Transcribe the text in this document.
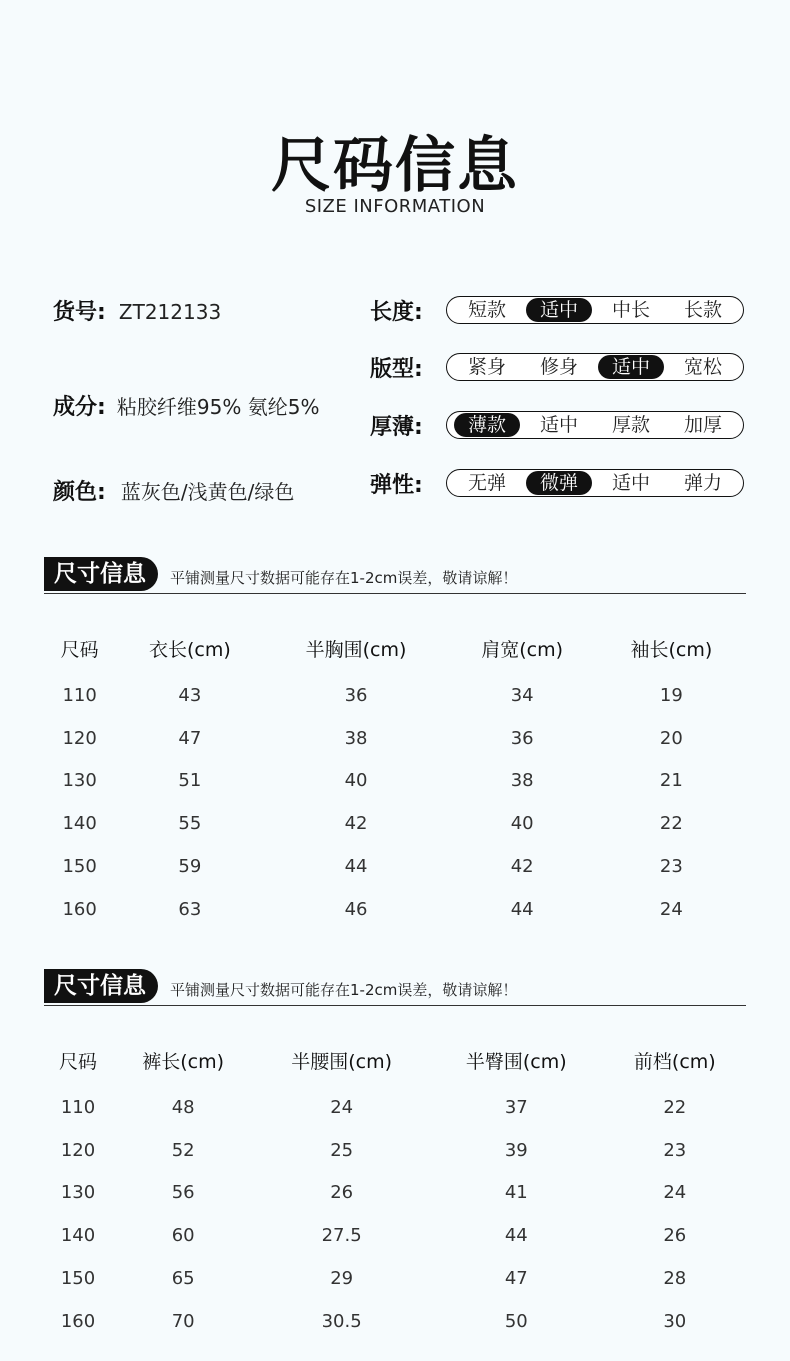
尺码信息
SIZE INFORMATION
货号: ZT212133
成分: 粘胶纤维95% 氨纶5%
颜色: 蓝灰色/浅黄色/绿色
长度:	短款	适中	中长	长款
版型:	紧身	修身	适中	宽松
厚薄:	薄款	适中	厚款	加厚
弹性:	无弹	微弹	适中	弹力
尺寸信息	平铺测量尺寸数据可能存在1-2cm误差，敬请谅解！
尺码	衣长(cm)	半胸围(cm)	肩宽(cm)	袖长(cm)
110	43	36	34	19
120	47	38	36	20
130	51	40	38	21
140	55	42	40	22
150	59	44	42	23
160	63	46	44	24
尺寸信息	平铺测量尺寸数据可能存在1-2cm误差，敬请谅解！
尺码	裤长(cm)	半腰围(cm)	半臀围(cm)	前档(cm)
110	48	24	37	22
120	52	25	39	23
130	56	26	41	24
140	60	27.5	44	26
150	65	29	47	28
160	70	30.5	50	30
